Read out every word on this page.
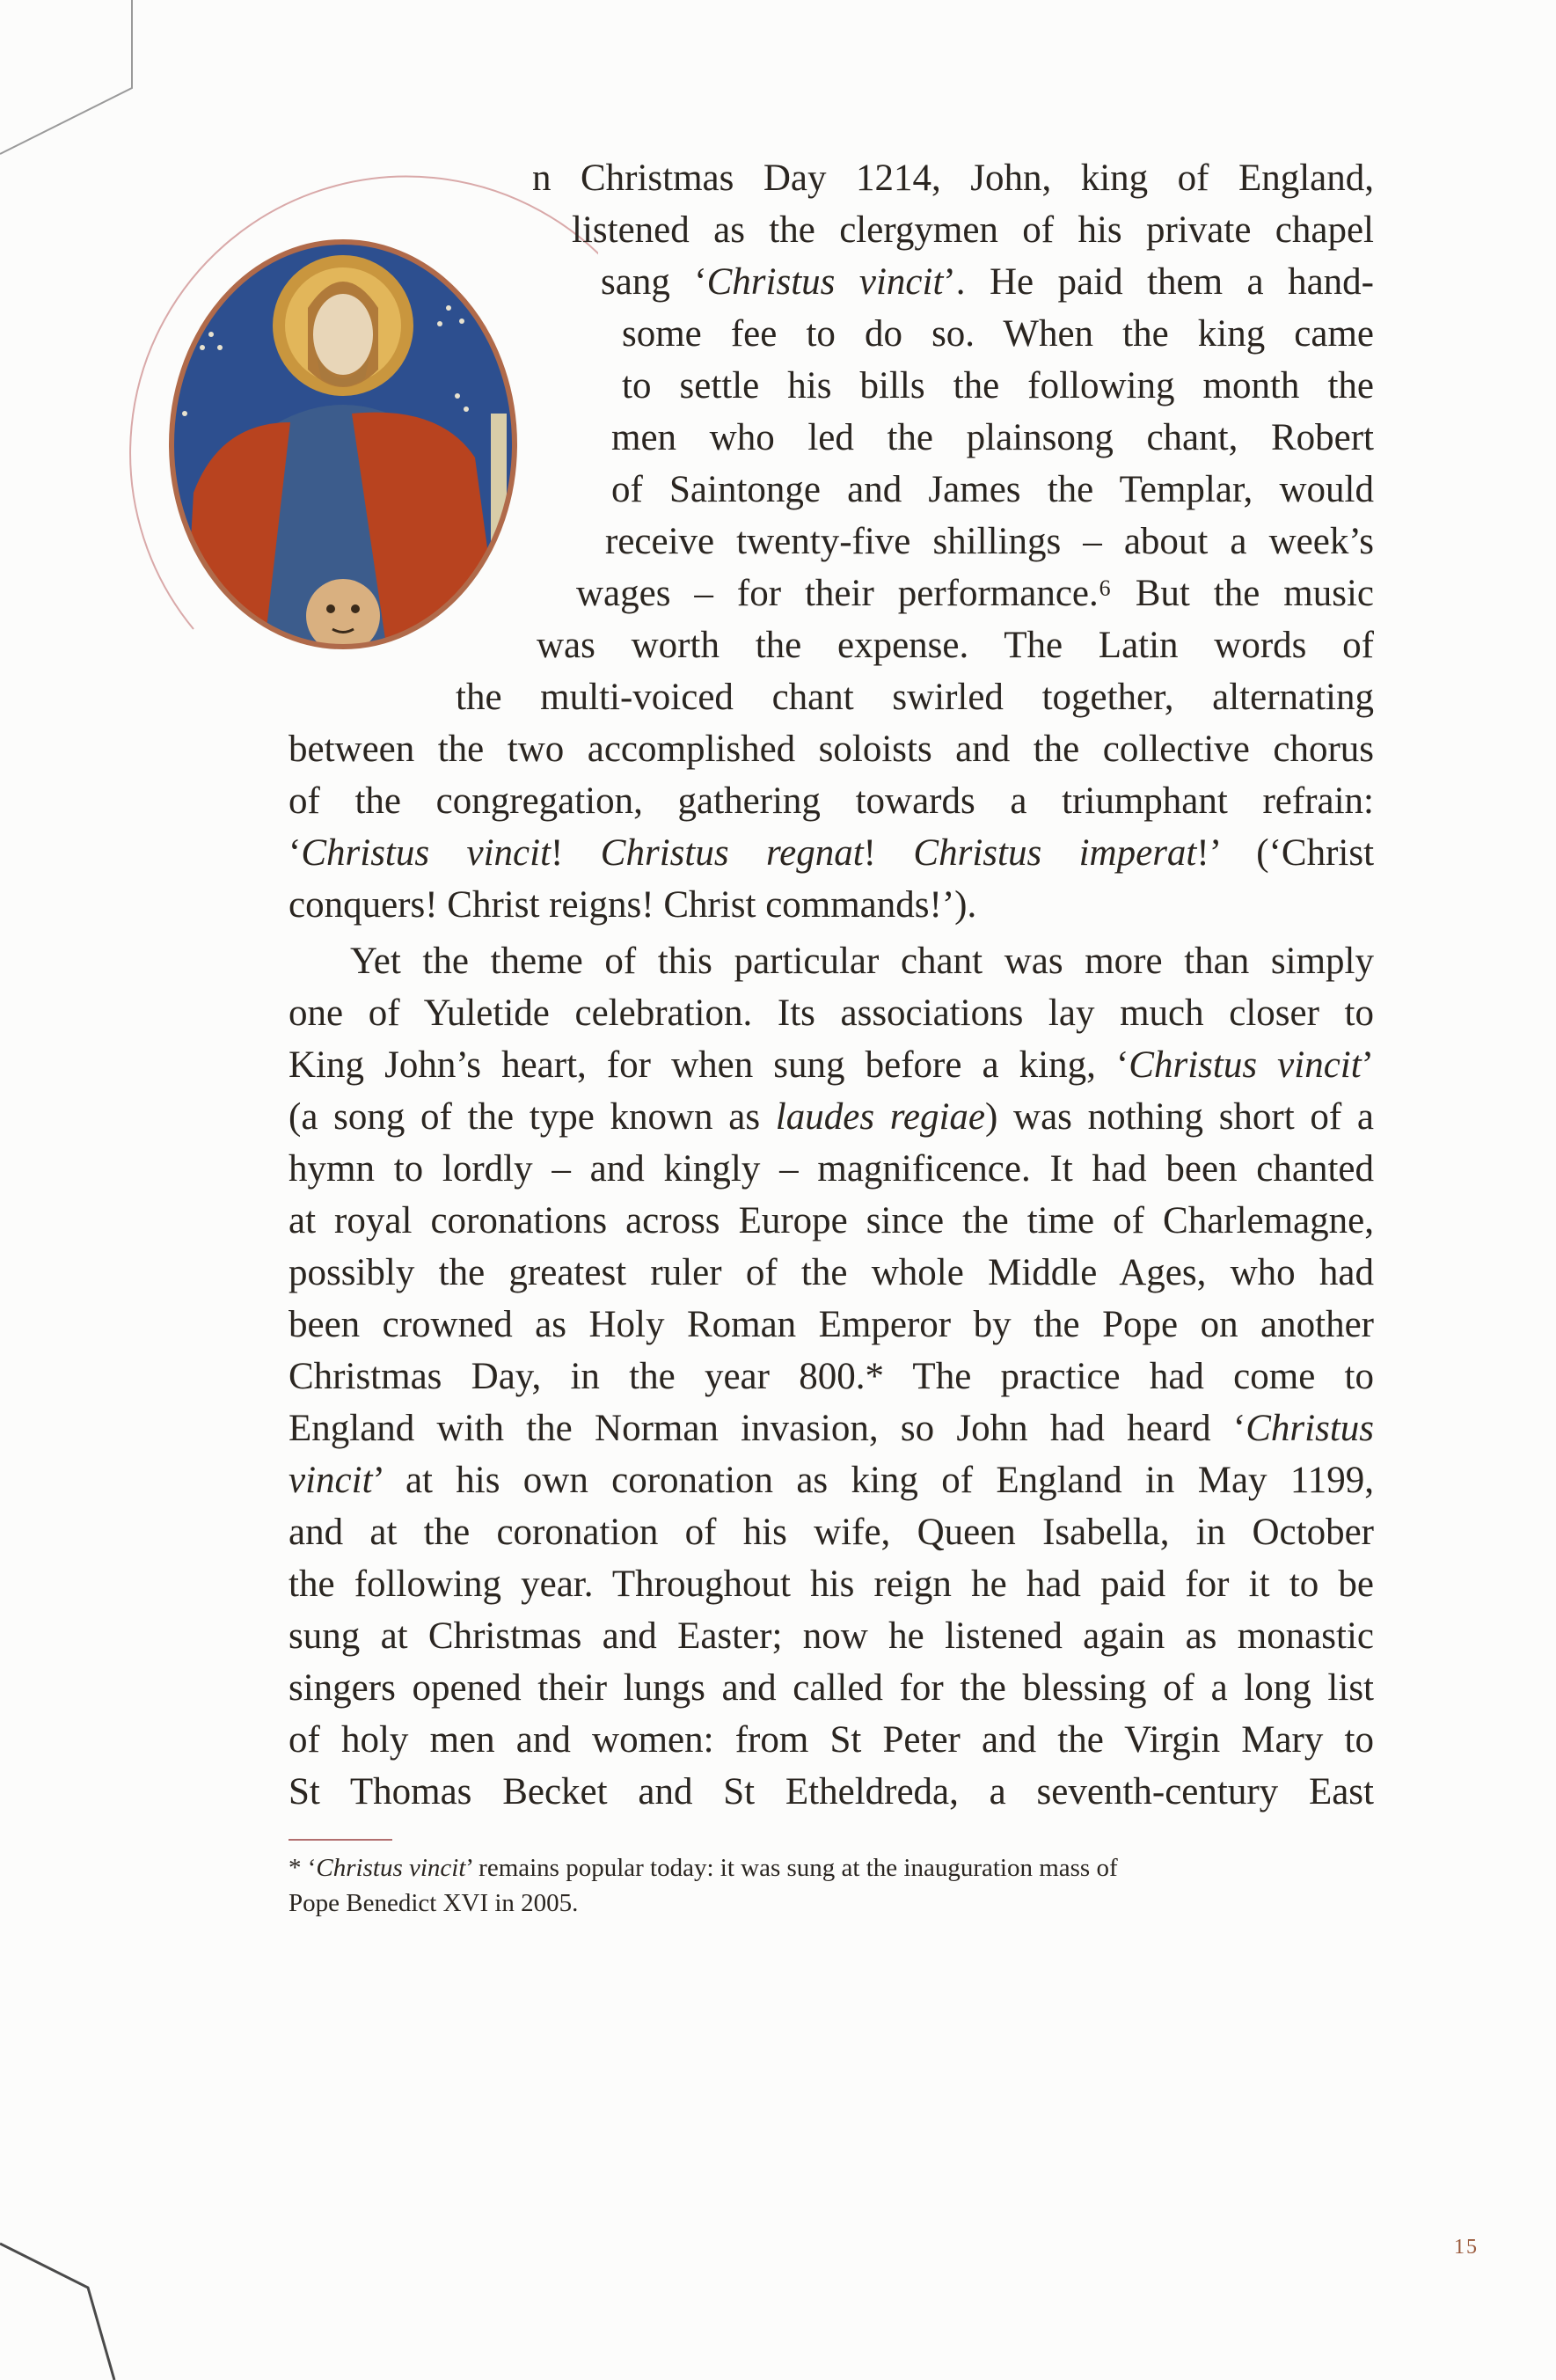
n Christmas Day 1214, John, king of England,

listened as the clergymen of his private chapel

sang ‘Christus vincit’. He paid them a hand-

some fee to do so. When the king came

to settle his bills the following month the

men who led the plainsong chant, Robert

of Saintonge and James the Templar, would

receive twenty-five shillings – about a week’s

wages – for their performance.⁶ But the music

was worth the expense. The Latin words of

the multi-voiced chant swirled together, alternating

between the two accomplished soloists and the collective chorus

of the congregation, gathering towards a triumphant refrain:

‘Christus vincit! Christus regnat! Christus imperat!’ (‘Christ

conquers! Christ reigns! Christ commands!’).

Yet the theme of this particular chant was more than simply

one of Yuletide celebration. Its associations lay much closer to

King John’s heart, for when sung before a king, ‘Christus vincit’

(a song of the type known as laudes regiae) was nothing short of a

hymn to lordly – and kingly – magnificence. It had been chanted

at royal coronations across Europe since the time of Charlemagne,

possibly the greatest ruler of the whole Middle Ages, who had

been crowned as Holy Roman Emperor by the Pope on another

Christmas Day, in the year 800.* The practice had come to

England with the Norman invasion, so John had heard ‘Christus

vincit’ at his own coronation as king of England in May 1199,

and at the coronation of his wife, Queen Isabella, in October

the following year. Throughout his reign he had paid for it to be

sung at Christmas and Easter; now he listened again as monastic

singers opened their lungs and called for the blessing of a long list

of holy men and women: from St Peter and the Virgin Mary to

St Thomas Becket and St Etheldreda, a seventh-century East

* ‘Christus vincit’ remains popular today: it was sung at the inauguration mass of
Pope Benedict XVI in 2005.
15
